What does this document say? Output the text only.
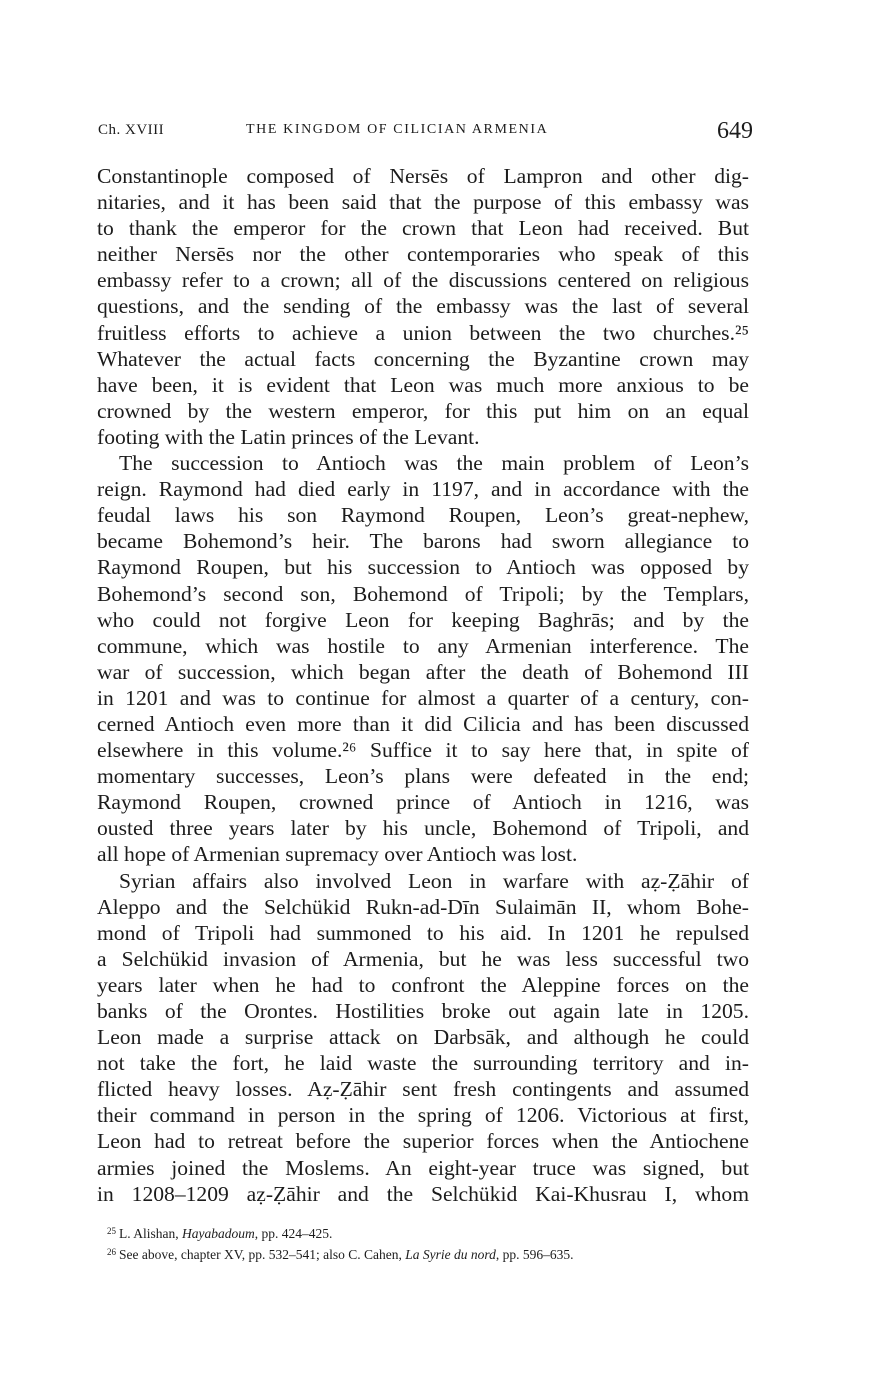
Ch. XVIII	THE KINGDOM OF CILICIAN ARMENIA	649
Constantinople composed of Nersēs of Lampron and other dig-
nitaries, and it has been said that the purpose of this embassy was
to thank the emperor for the crown that Leon had received. But
neither Nersēs nor the other contemporaries who speak of this
embassy refer to a crown; all of the discussions centered on religious
questions, and the sending of the embassy was the last of several
fruitless efforts to achieve a union between the two churches.²⁵
Whatever the actual facts concerning the Byzantine crown may
have been, it is evident that Leon was much more anxious to be
crowned by the western emperor, for this put him on an equal
footing with the Latin princes of the Levant.
The succession to Antioch was the main problem of Leon’s
reign. Raymond had died early in 1197, and in accordance with the
feudal laws his son Raymond Roupen, Leon’s great-nephew,
became Bohemond’s heir. The barons had sworn allegiance to
Raymond Roupen, but his succession to Antioch was opposed by
Bohemond’s second son, Bohemond of Tripoli; by the Templars,
who could not forgive Leon for keeping Baghrās; and by the
commune, which was hostile to any Armenian interference. The
war of succession, which began after the death of Bohemond III
in 1201 and was to continue for almost a quarter of a century, con-
cerned Antioch even more than it did Cilicia and has been discussed
elsewhere in this volume.²⁶ Suffice it to say here that, in spite of
momentary successes, Leon’s plans were defeated in the end;
Raymond Roupen, crowned prince of Antioch in 1216, was
ousted three years later by his uncle, Bohemond of Tripoli, and
all hope of Armenian supremacy over Antioch was lost.
Syrian affairs also involved Leon in warfare with aẓ-Ẓāhir of
Aleppo and the Selchükid Rukn-ad-Dīn Sulaimān II, whom Bohe-
mond of Tripoli had summoned to his aid. In 1201 he repulsed
a Selchükid invasion of Armenia, but he was less successful two
years later when he had to confront the Aleppine forces on the
banks of the Orontes. Hostilities broke out again late in 1205.
Leon made a surprise attack on Darbsāk, and although he could
not take the fort, he laid waste the surrounding territory and in-
flicted heavy losses. Aẓ-Ẓāhir sent fresh contingents and assumed
their command in person in the spring of 1206. Victorious at first,
Leon had to retreat before the superior forces when the Antiochene
armies joined the Moslems. An eight-year truce was signed, but
in 1208–1209 aẓ-Ẓāhir and the Selchükid Kai-Khusrau I, whom
$^{25}$ L. Alishan, Hayabadoum, pp. 424–425.
$^{26}$ See above, chapter XV, pp. 532–541; also C. Cahen, La Syrie du nord, pp. 596–635.
